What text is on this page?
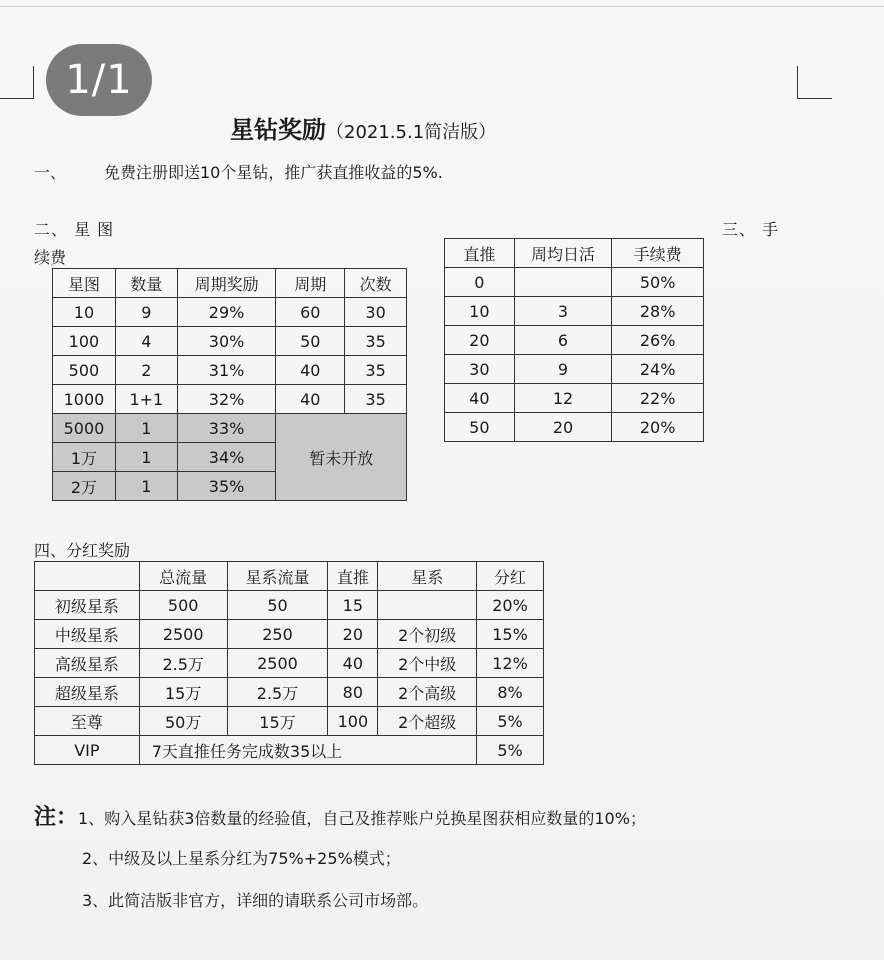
1/1
星钻奖励（2021.5.1简洁版）
一、 免费注册即送10个星钻，推广获直推收益的5%.
二、 星 图	三、 手
续费
星图	数量	周期奖励	周期	次数
10	9	29%	60	30
100	4	30%	50	35
500	2	31%	40	35
1000	1+1	32%	40	35
5000	1	33%	暂未开放	
1万	1	34%		
2万	1	35%		
直推	周均日活	手续费
0		50%
10	3	28%
20	6	26%
30	9	24%
40	12	22%
50	20	20%
四、分红奖励
	总流量	星系流量	直推	星系	分红
初级星系	500	50	15		20%
中级星系	2500	250	20	2个初级	15%
高级星系	2.5万	2500	40	2个中级	12%
超级星系	15万	2.5万	80	2个高级	8%
至尊	50万	15万	100	2个超级	5%
VIP	7天直推任务完成数35以上				5%
注：1、购入星钻获3倍数量的经验值，自己及推荐账户兑换星图获相应数量的10%；
2、中级及以上星系分红为75%+25%模式；
3、此简洁版非官方，详细的请联系公司市场部。
